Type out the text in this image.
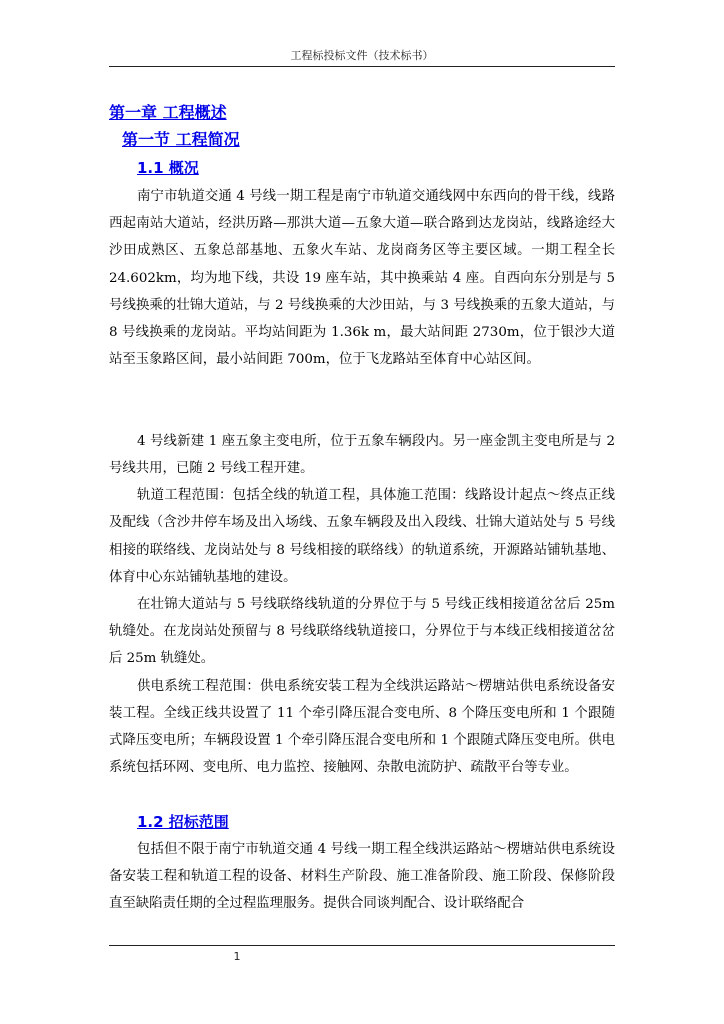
工程标投标文件（技术标书）
第一章 工程概述
第一节 工程简况
1.1 概况

南宁市轨道交通 4 号线一期工程是南宁市轨道交通线网中东西向的骨干线，线路西起南站大道站，经洪历路—那洪大道—五象大道—联合路到达龙岗站，线路途经大沙田成熟区、五象总部基地、五象火车站、龙岗商务区等主要区域。一期工程全长 24.602km，均为地下线，共设 19 座车站，其中换乘站 4 座。自西向东分别是与 5 号线换乘的壮锦大道站，与 2 号线换乘的大沙田站，与 3 号线换乘的五象大道站，与 8 号线换乘的龙岗站。平均站间距为 1.36k m，最大站间距 2730m，位于银沙大道站至玉象路区间，最小站间距 700m，位于飞龙路站至体育中心站区间。

4 号线新建 1 座五象主变电所，位于五象车辆段内。另一座金凯主变电所是与 2 号线共用，已随 2 号线工程开建。

轨道工程范围：包括全线的轨道工程，具体施工范围：线路设计起点～终点正线及配线（含沙井停车场及出入场线、五象车辆段及出入段线、壮锦大道站处与 5 号线相接的联络线、龙岗站处与 8 号线相接的联络线）的轨道系统，开源路站铺轨基地、体育中心东站铺轨基地的建设。

在壮锦大道站与 5 号线联络线轨道的分界位于与 5 号线正线相接道岔岔后 25m 轨缝处。在龙岗站处预留与 8 号线联络线轨道接口，分界位于与本线正线相接道岔岔后 25m 轨缝处。

供电系统工程范围：供电系统安装工程为全线洪运路站～楞塘站供电系统设备安装工程。全线正线共设置了 11 个牵引降压混合变电所、8 个降压变电所和 1 个跟随式降压变电所；车辆段设置 1 个牵引降压混合变电所和 1 个跟随式降压变电所。供电系统包括环网、变电所、电力监控、接触网、杂散电流防护、疏散平台等专业。

1.2 招标范围

包括但不限于南宁市轨道交通 4 号线一期工程全线洪运路站～楞塘站供电系统设备安装工程和轨道工程的设备、材料生产阶段、施工准备阶段、施工阶段、保修阶段直至缺陷责任期的全过程监理服务。提供合同谈判配合、设计联络配合

1
